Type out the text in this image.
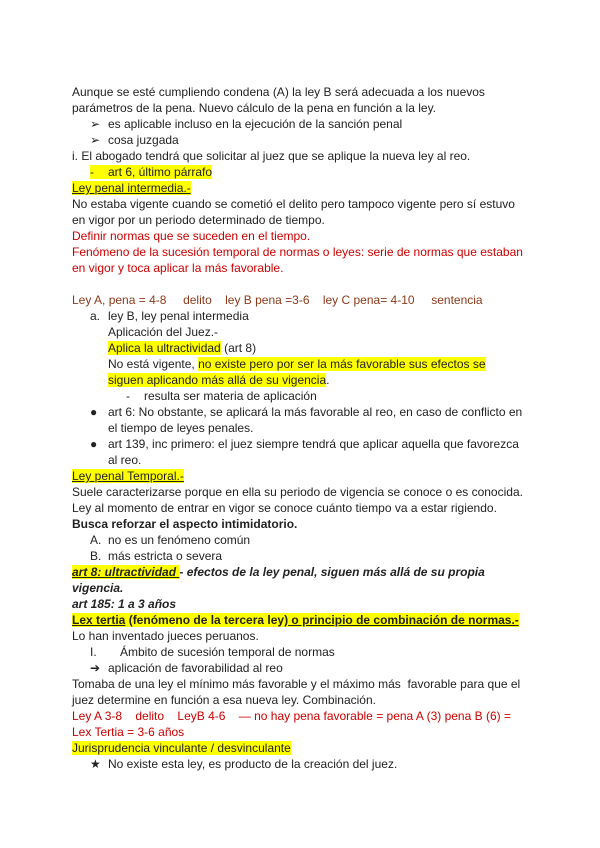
Aunque se esté cumpliendo condena (A) la ley B será adecuada a los nuevos

parámetros de la pena. Nuevo cálculo de la pena en función a la ley.

➢ es aplicable incluso en la ejecución de la sanción penal

➢ cosa juzgada

i. El abogado tendrá que solicitar al juez que se aplique la nueva ley al reo.

- art 6, último párrafo

Ley penal intermedia.-

No estaba vigente cuando se cometió el delito pero tampoco vigente pero sí estuvo

en vigor por un periodo determinado de tiempo.

Definir normas que se suceden en el tiempo.

Fenómeno de la sucesión temporal de normas o leyes: serie de normas que estaban

en vigor y toca aplicar la más favorable.

Ley A, pena = 4-8     delito    ley B pena =3-6    ley C pena= 4-10     sentencia

a. ley B, ley penal intermedia

Aplicación del Juez.-

Aplica la ultractividad (art 8)

No está vigente, no existe pero por ser la más favorable sus efectos se

siguen aplicando más allá de su vigencia.

- resulta ser materia de aplicación

● art 6: No obstante, se aplicará la más favorable al reo, en caso de conflicto en

el tiempo de leyes penales.

● art 139, inc primero: el juez siempre tendrá que aplicar aquella que favorezca

al reo.

Ley penal Temporal.-

Suele caracterizarse porque en ella su periodo de vigencia se conoce o es conocida.

Ley al momento de entrar en vigor se conoce cuánto tiempo va a estar rigiendo.

Busca reforzar el aspecto intimidatorio.

A. no es un fenómeno común

B. más estricta o severa

art 8: ultractividad - efectos de la ley penal, siguen más allá de su propia

vigencia.

art 185: 1 a 3 años

Lex tertia (fenómeno de la tercera ley) o principio de combinación de normas.-

Lo han inventado jueces peruanos.

I. Ámbito de sucesión temporal de normas

➔ aplicación de favorabilidad al reo

Tomaba de una ley el mínimo más favorable y el máximo más  favorable para que el

juez determine en función a esa nueva ley. Combinación.

Ley A 3-8    delito    LeyB 4-6    — no hay pena favorable = pena A (3) pena B (6) =

Lex Tertia = 3-6 años

Jurisprudencia vinculante / desvinculante

★ No existe esta ley, es producto de la creación del juez.
